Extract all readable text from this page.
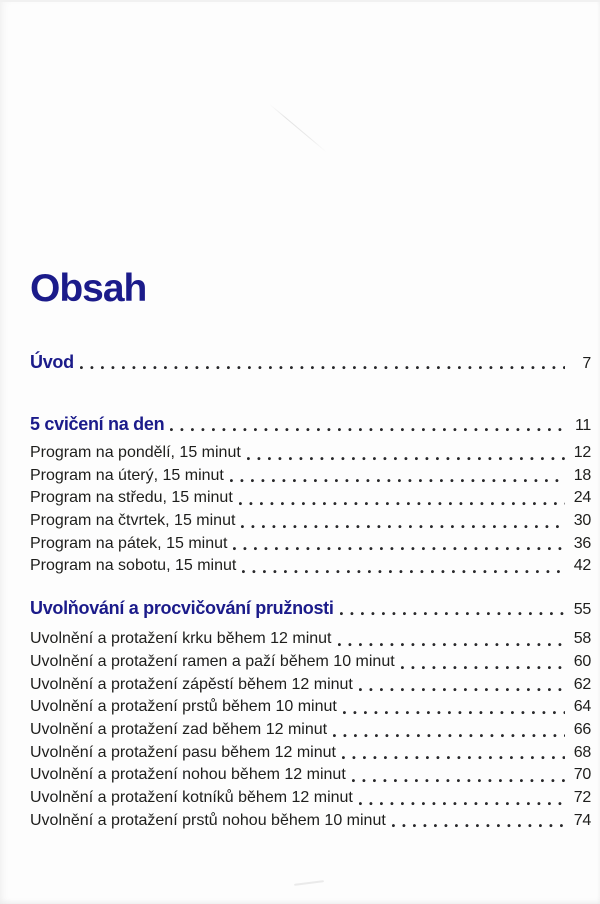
Obsah
Úvod	7
5 cvičení na den	11
Program na pondělí, 15 minut	12
Program na úterý, 15 minut	18
Program na středu, 15 minut	24
Program na čtvrtek, 15 minut	30
Program na pátek, 15 minut	36
Program na sobotu, 15 minut	42
Uvolňování a procvičování pružnosti	55
Uvolnění a protažení krku během 12 minut	58
Uvolnění a protažení ramen a paží během 10 minut	60
Uvolnění a protažení zápěstí během 12 minut	62
Uvolnění a protažení prstů během 10 minut	64
Uvolnění a protažení zad během 12 minut	66
Uvolnění a protažení pasu během 12 minut	68
Uvolnění a protažení nohou během 12 minut	70
Uvolnění a protažení kotníků během 12 minut	72
Uvolnění a protažení prstů nohou během 10 minut	74
